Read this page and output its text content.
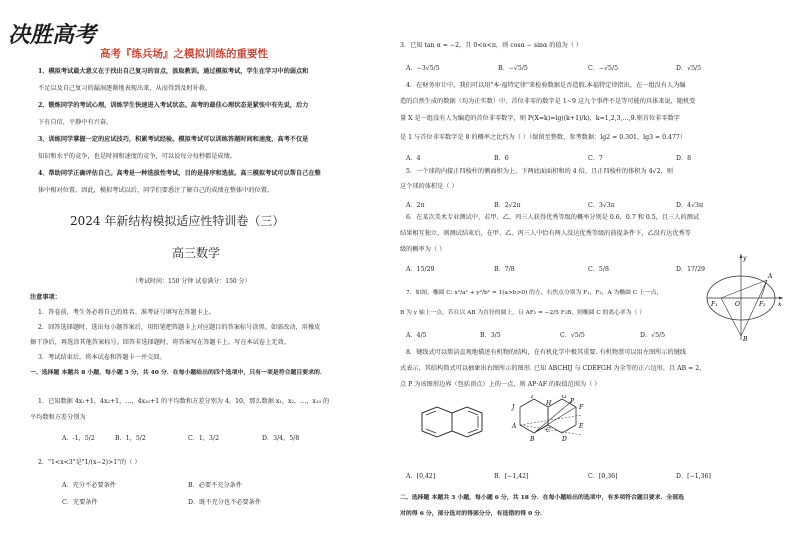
决胜高考
高考『练兵场』之模拟训练的重要性
1、模拟考试最大意义在于找出自己复习的盲点，汲取教训。通过模拟考试，学生在学习中的弱点和
不足以及自己复习的漏洞逐渐地表现出来，从而得到及时补救。
2、锻炼同学的考试心理，训练学生快速进入考试状态。高考的最佳心理状态是紧张中有先说，后力
下有自信，平静中有兴奋。
3、训练同学掌握一定的应试技巧，积累考试经验。模拟考试可以训练答题时间和速度，高考不仅是
知识和水平的竞争，也是时间和速度的竞争，可以说每分每秒都是成绩。
4、帮助同学正确评估自己。高考是一种选拔性考试，目的是排序和选拔。高三模拟考试可以帮自己在整
体中相对位置。因此，模拟考试以后，同学们要悉注了解自己的成绩在整体中的位置。
2024 年新结构模拟适应性特训卷（三）
高三数学
（考试时间：150 分钟 试卷满分：150 分）
注意事项：
1．答卷前，考生务必将自己的姓名、准考证号填写在答题卡上。
2．回答选择题时，选出每小题答案后，用铅笔把答题卡上对应题目的答案标号涂黑。如需改动，用橡皮
擦干净后，再选涂其他答案标号。回答非选择题时，将答案写在答题卡上。写在本试卷上无效。
3．考试结束后，将本试卷和答题卡一并交回。
一、选择题 本题共 8 小题，每小题 5 分，共 40 分．在每小题给出的四个选项中，只有一项是符合题目要求的．
1．已知数据 4x₁+1，4x₂+1，…，4x₁₀+1 的平均数和方差分别为 4，10，那么数据 x₁，x₂，…，x₁₀ 的
平均数和方差分别为
A．-1，5/2	B．1，5/2	C．1，3/2	D．3/4，5/8
2．"1<x<3"是"1/(x−2)>1"的（ ）
A．充分不必要条件	B．必要不充分条件
C．充要条件	D．既不充分也不必要条件
3．已知 tan α = −2，且 0<α<π，则 cosα − sinα 的值为（ ）
A．−3√5/5	B．−√5/5	C．−√5/5	D．√5/5
4．在财务审计中，我们可以用"本·福特定律"来检验数据是否造假.本福特定律指出，在一组没有人为编
造的自然生成的数据（均为正实数）中，首位非零的数字是 1∼9 这九个事件不是等可能的具体来说，随机变
量 X 是一组没有人为编造的首位非零数字，则 P(X=k)=lg((k+1)/k)，k=1,2,3,…,9.则首位非零数字
是 1 与首位非零数字是 8 的概率之比约为（ ）（保留至整数，参考数据：lg2 = 0.301，lg3 = 0.477）
A．4	B．6	C．7	D．8
5．一个球的内接正四棱柱的侧面积为上、下两底面面积和的 4 倍，且正四棱柱的体积为 4√2，则
这个球的体积是（ ）
A．2π	B．2√2π	C．3√3π	D．4√3π
6．在某次美术专业测试中，若甲、乙、丙三人获得优秀等级的概率分别是 0.6，0.7 和 0.5，且三人的测试
结果相互独立，则测试结束后，在甲、乙、丙三人中恰有两人没达优秀等级的前提条件下，乙没有达优秀等
级的概率为（ ）
A．15/29	B．7/8	C．5/8	D．17/29
7．如图，椭圆 C: x²/a² + y²/b² = 1(a>b>0) 的左、右焦点分别为 F₁，F₂，A 为椭圆 C 上一点，
B 为 y 轴上一点，若在以 AB 为直径的圆上，且 AF₂ = −2/5 F₂B，则椭圆 C 的离心率为（ ）
A．4/5	B．3/5	C．√5/5	D．√5/5
y
A
F₁	O	F₂ x
B
8．键线式可以简洁直观地描述有机物的结构，在有机化学中极其重要. 有机物萘可以用左图所示的键线
式表示，其结构简式可以抽象出右图所示的图形. 已知 ABCHIJ 与 CDEFGH 为全等的正六边形，且 AB = 2，
点 P 为该图形边界（包括顶点）上的一点，则 AP·AF 的取值范围为（ ）
J
A
B
I
H
C
G
D
F
E
P
A．[0,42]	B．[−1,42]	C．[0,36]	D．[−1,36]
二、选择题 本题共 3 小题，每小题 6 分，共 18 分．在每小题给出的选项中，有多项符合题目要求．全部选
对的得 6 分，部分选对的得部分分，有选错的得 0 分．
